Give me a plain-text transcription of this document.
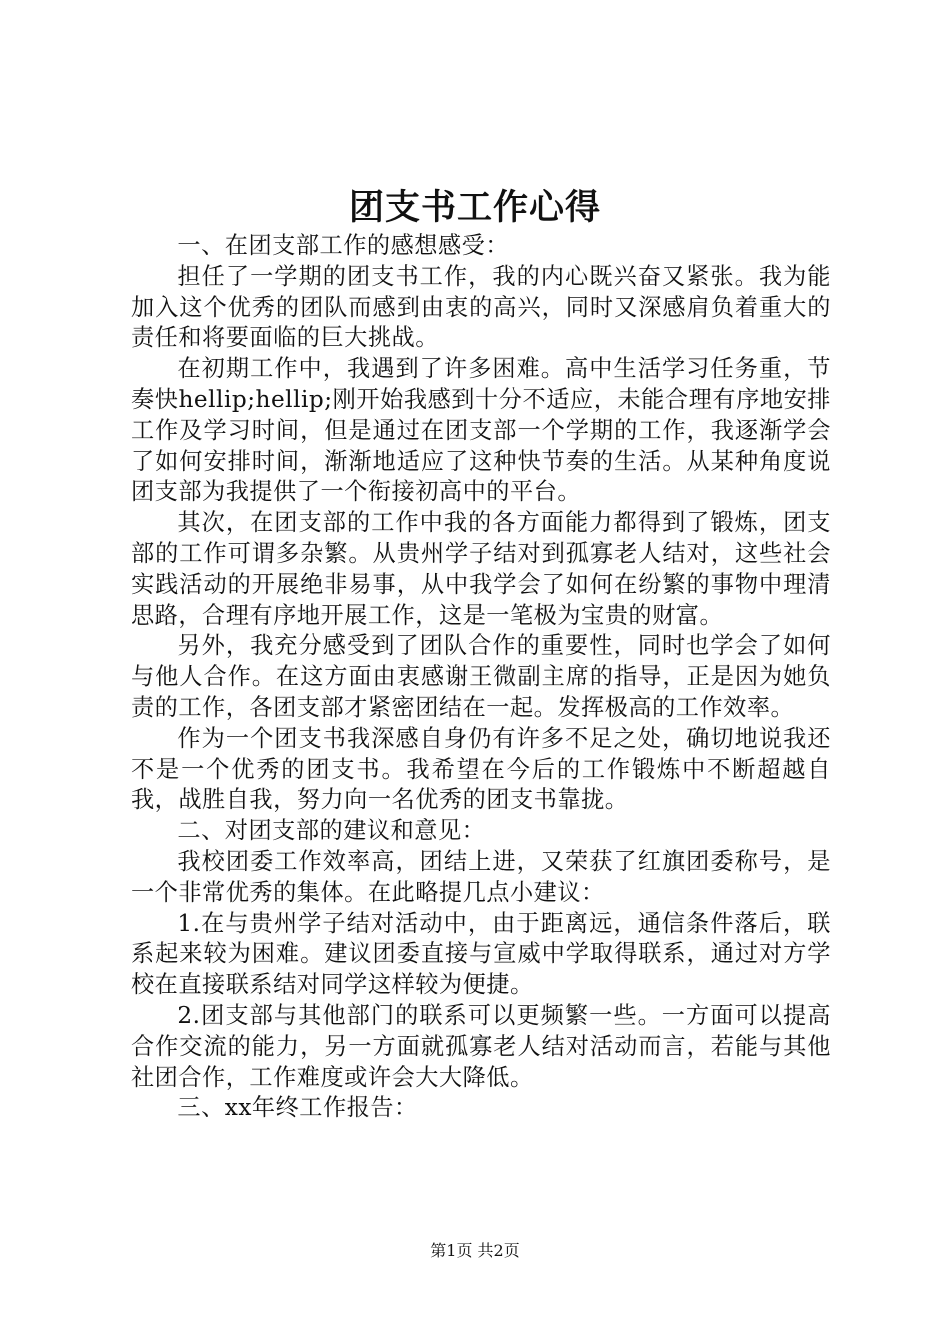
团支书工作心得

一、在团支部工作的感想感受：

担任了一学期的团支书工作，我的内心既兴奋又紧张。我为能加入这个优秀的团队而感到由衷的高兴，同时又深感肩负着重大的责任和将要面临的巨大挑战。

在初期工作中，我遇到了许多困难。高中生活学习任务重，节奏快hellip;hellip;刚开始我感到十分不适应，未能合理有序地安排工作及学习时间，但是通过在团支部一个学期的工作，我逐渐学会了如何安排时间，渐渐地适应了这种快节奏的生活。从某种角度说团支部为我提供了一个衔接初高中的平台。

其次，在团支部的工作中我的各方面能力都得到了锻炼，团支部的工作可谓多杂繁。从贵州学子结对到孤寡老人结对，这些社会实践活动的开展绝非易事，从中我学会了如何在纷繁的事物中理清思路，合理有序地开展工作，这是一笔极为宝贵的财富。

另外，我充分感受到了团队合作的重要性，同时也学会了如何与他人合作。在这方面由衷感谢王微副主席的指导，正是因为她负责的工作，各团支部才紧密团结在一起。发挥极高的工作效率。

作为一个团支书我深感自身仍有许多不足之处，确切地说我还不是一个优秀的团支书。我希望在今后的工作锻炼中不断超越自我，战胜自我，努力向一名优秀的团支书靠拢。

二、对团支部的建议和意见：

我校团委工作效率高，团结上进，又荣获了红旗团委称号，是一个非常优秀的集体。在此略提几点小建议：

1.在与贵州学子结对活动中，由于距离远，通信条件落后，联系起来较为困难。建议团委直接与宣威中学取得联系，通过对方学校在直接联系结对同学这样较为便捷。

2.团支部与其他部门的联系可以更频繁一些。一方面可以提高合作交流的能力，另一方面就孤寡老人结对活动而言，若能与其他社团合作，工作难度或许会大大降低。

三、xx年终工作报告：

第1页 共2页
